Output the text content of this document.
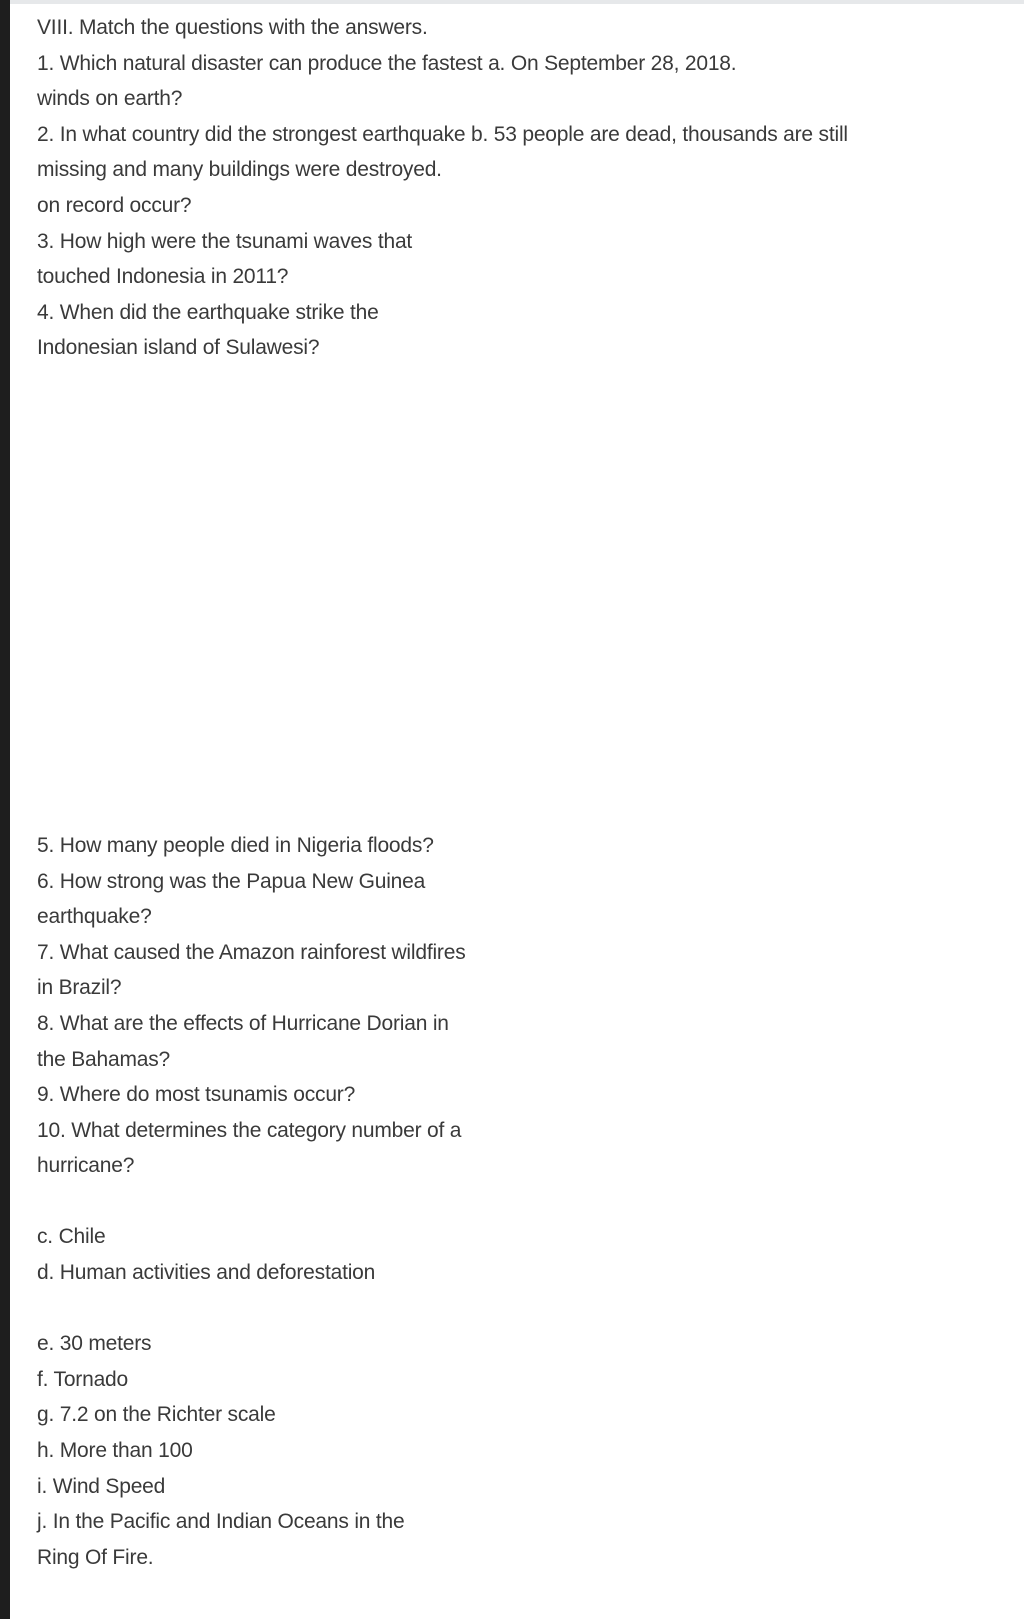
VIII. Match the questions with the answers.
1. Which natural disaster can produce the fastest a. On September 28, 2018.
winds on earth?
2. In what country did the strongest earthquake b. 53 people are dead, thousands are still
missing and many buildings were destroyed.
on record occur?
3. How high were the tsunami waves that
touched Indonesia in 2011?
4. When did the earthquake strike the
Indonesian island of Sulawesi?
5. How many people died in Nigeria floods?
6. How strong was the Papua New Guinea
earthquake?
7. What caused the Amazon rainforest wildfires
in Brazil?
8. What are the effects of Hurricane Dorian in
the Bahamas?
9. Where do most tsunamis occur?
10. What determines the category number of a
hurricane?
c. Chile
d. Human activities and deforestation
e. 30 meters
f. Tornado
g. 7.2 on the Richter scale
h. More than 100
i. Wind Speed
j. In the Pacific and Indian Oceans in the
Ring Of Fire.
